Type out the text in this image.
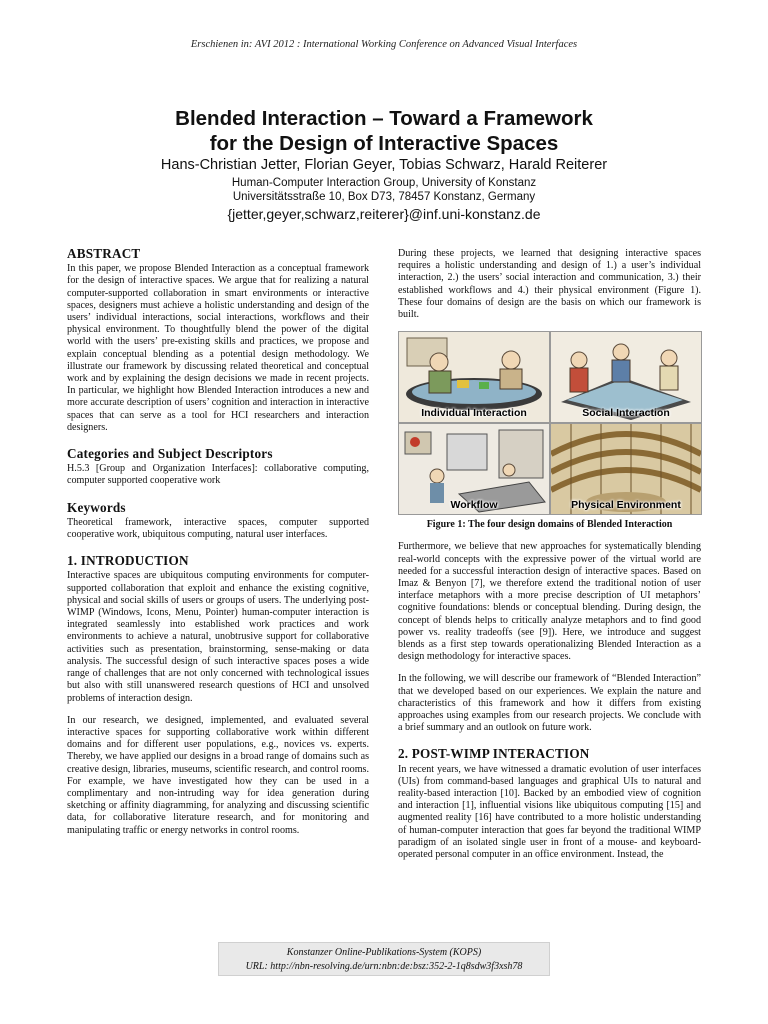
Erschienen in: AVI 2012 : International Working Conference on Advanced Visual Interfaces
Blended Interaction – Toward a Framework
for the Design of Interactive Spaces
Hans-Christian Jetter, Florian Geyer, Tobias Schwarz, Harald Reiterer
Human-Computer Interaction Group, University of Konstanz
Universitätsstraße 10, Box D73, 78457 Konstanz, Germany
{jetter,geyer,schwarz,reiterer}@inf.uni-konstanz.de
ABSTRACT

In this paper, we propose Blended Interaction as a conceptual framework for the design of interactive spaces. We argue that for realizing a natural computer-supported collaboration in smart environments or interactive spaces, designers must achieve a holistic understanding and design of the users’ individual interactions, social interactions, workflows and their physical environment. To thoughtfully blend the power of the digital world with the users’ pre-existing skills and practices, we propose and explain conceptual blending as a potential design methodology. We illustrate our framework by discussing related theoretical and conceptual work and by explaining the design decisions we made in recent projects. In particular, we highlight how Blended Interaction introduces a new and more accurate description of users’ cognition and interaction in interactive spaces that can serve as a tool for HCI researchers and interaction designers.

Categories and Subject Descriptors

H.5.3 [Group and Organization Interfaces]: collaborative computing, computer supported cooperative work

Keywords

Theoretical framework, interactive spaces, computer supported cooperative work, ubiquitous computing, natural user interfaces.

1. INTRODUCTION

Interactive spaces are ubiquitous computing environments for computer-supported collaboration that exploit and enhance the existing cognitive, physical and social skills of users or groups of users. The underlying post-WIMP (Windows, Icons, Menu, Pointer) human-computer interaction is integrated seamlessly into established work practices and work environments to achieve a natural, unobtrusive support for collaborative activities such as presentation, brainstorming, sense-making or data analysis. The successful design of such interactive spaces poses a wide range of challenges that are not only concerned with technological issues but also with still unanswered research questions of HCI and unsolved problems of interaction design.

In our research, we designed, implemented, and evaluated several interactive spaces for supporting collaborative work within different domains and for different user populations, e.g., novices vs. experts. Thereby, we have applied our designs in a broad range of domains such as creative design, libraries, museums, scientific research, and control rooms. For example, we have investigated how they can be used in a complimentary and non-intruding way for idea generation during sketching or affinity diagramming, for analyzing and discussing scientific data, for collaborative literature research, and for monitoring and manipulating traffic or energy networks in control rooms.

During these projects, we learned that designing interactive spaces requires a holistic understanding and design of 1.) a user’s individual interaction, 2.) the users’ social interaction and communication, 3.) their established workflows and 4.) their physical environment (Figure 1). These four domains of design are the basis on which our framework is built.

Individual Interaction	Social Interaction
Workflow	Physical Environment
Figure 1: The four design domains of Blended Interaction

Furthermore, we believe that new approaches for systematically blending real-world concepts with the expressive power of the virtual world are needed for a successful interaction design of interactive spaces. Based on Imaz & Benyon [7], we therefore extend the traditional notion of user interface metaphors with a more precise description of UI metaphors’ cognitive foundations: blends or conceptual blending. During design, the concept of blends helps to critically analyze metaphors and to find good power vs. reality tradeoffs (see [9]). Here, we introduce and suggest blends as a first step towards operationalizing Blended Interaction as a design methodology for interactive spaces.

In the following, we will describe our framework of “Blended Interaction” that we developed based on our experiences. We explain the nature and characteristics of this framework and how it differs from existing approaches using examples from our research projects. We conclude with a brief summary and an outlook on future work.

2. POST-WIMP INTERACTION

In recent years, we have witnessed a dramatic evolution of user interfaces (UIs) from command-based languages and graphical UIs to natural and reality-based interaction [10]. Backed by an embodied view of cognition and interaction [1], influential visions like ubiquitous computing [15] and augmented reality [16] have contributed to a more holistic understanding of human-computer interaction that goes far beyond the traditional WIMP paradigm of an isolated single user in front of a mouse- and keyboard-operated personal computer in an office environment. Instead, the

Konstanzer Online-Publikations-System (KOPS)
URL: http://nbn-resolving.de/urn:nbn:de:bsz:352-2-1q8sdw3f3xsh78
